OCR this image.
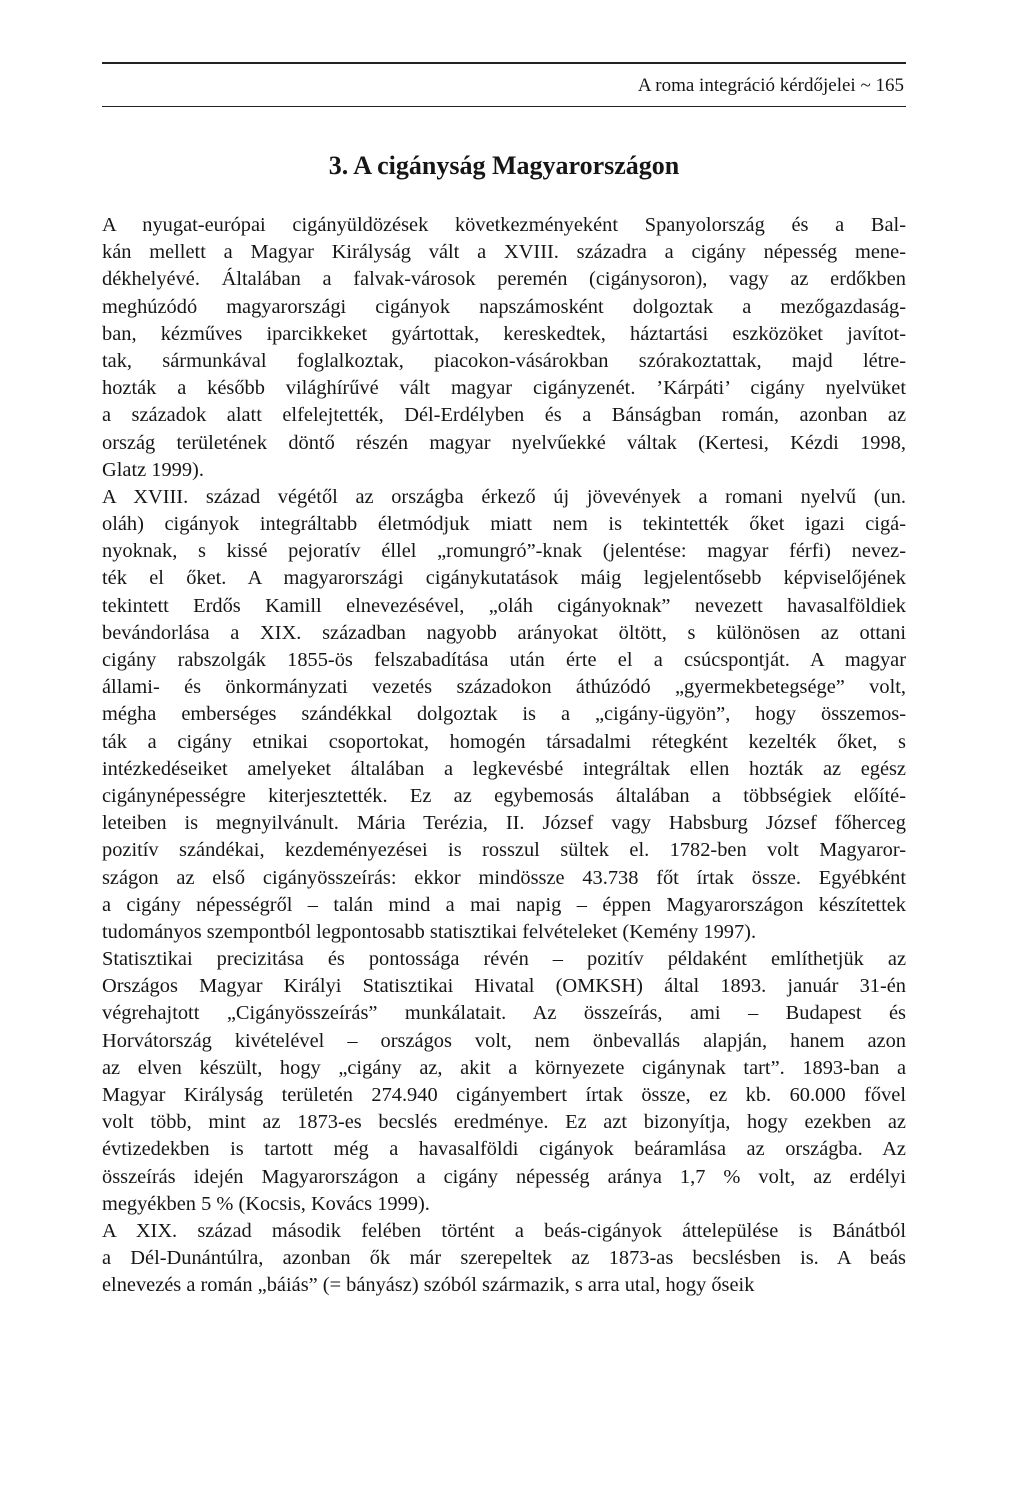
A roma integráció kérdőjelei ~ 165
3. A cigányság Magyarországon

A nyugat-európai cigányüldözések következményeként Spanyolország és a Bal-
kán mellett a Magyar Királyság vált a XVIII. századra a cigány népesség mene-
dékhelyévé. Általában a falvak-városok peremén (cigánysoron), vagy az erdőkben
meghúzódó magyarországi cigányok napszámosként dolgoztak a mezőgazdaság-
ban, kézműves iparcikkeket gyártottak, kereskedtek, háztartási eszközöket javítot-
tak, sármunkával foglalkoztak, piacokon-vásárokban szórakoztattak, majd létre-
hozták a később világhírűvé vált magyar cigányzenét. ’Kárpáti’ cigány nyelvüket
a századok alatt elfelejtették, Dél-Erdélyben és a Bánságban román, azonban az
ország területének döntő részén magyar nyelvűekké váltak (Kertesi, Kézdi 1998,
Glatz 1999).

A XVIII. század végétől az országba érkező új jövevények a romani nyelvű (un.
oláh) cigányok integráltabb életmódjuk miatt nem is tekintették őket igazi cigá-
nyoknak, s kissé pejoratív éllel „romungró”-knak (jelentése: magyar férfi) nevez-
ték el őket. A magyarországi cigánykutatások máig legjelentősebb képviselőjének
tekintett Erdős Kamill elnevezésével, „oláh cigányoknak” nevezett havasalföldiek
bevándorlása a XIX. században nagyobb arányokat öltött, s különösen az ottani
cigány rabszolgák 1855-ös felszabadítása után érte el a csúcspontját. A magyar
állami- és önkormányzati vezetés századokon áthúzódó „gyermekbetegsége” volt,
mégha emberséges szándékkal dolgoztak is a „cigány-ügyön”, hogy összemos-
ták a cigány etnikai csoportokat, homogén társadalmi rétegként kezelték őket, s
intézkedéseiket amelyeket általában a legkevésbé integráltak ellen hozták az egész
cigánynépességre kiterjesztették. Ez az egybemosás általában a többségiek előíté-
leteiben is megnyilvánult. Mária Terézia, II. József vagy Habsburg József főherceg
pozitív szándékai, kezdeményezései is rosszul sültek el. 1782-ben volt Magyaror-
szágon az első cigányösszeírás: ekkor mindössze 43.738 főt írtak össze. Egyébként
a cigány népességről – talán mind a mai napig – éppen Magyarországon készítettek
tudományos szempontból legpontosabb statisztikai felvételeket (Kemény 1997).

Statisztikai precizitása és pontossága révén – pozitív példaként említhetjük az
Országos Magyar Királyi Statisztikai Hivatal (OMKSH) által 1893. január 31-én
végrehajtott „Cigányösszeírás” munkálatait. Az összeírás, ami – Budapest és
Horvátország kivételével – országos volt, nem önbevallás alapján, hanem azon
az elven készült, hogy „cigány az, akit a környezete cigánynak tart”. 1893-ban a
Magyar Királyság területén 274.940 cigányembert írtak össze, ez kb. 60.000 fővel
volt több, mint az 1873-es becslés eredménye. Ez azt bizonyítja, hogy ezekben az
évtizedekben is tartott még a havasalföldi cigányok beáramlása az országba. Az
összeírás idején Magyarországon a cigány népesség aránya 1,7 % volt, az erdélyi
megyékben 5 % (Kocsis, Kovács 1999).

A XIX. század második felében történt a beás-cigányok áttelepülése is Bánátból
a Dél-Dunántúlra, azonban ők már szerepeltek az 1873-as becslésben is. A beás
elnevezés a román „báiás” (= bányász) szóból származik, s arra utal, hogy őseik
